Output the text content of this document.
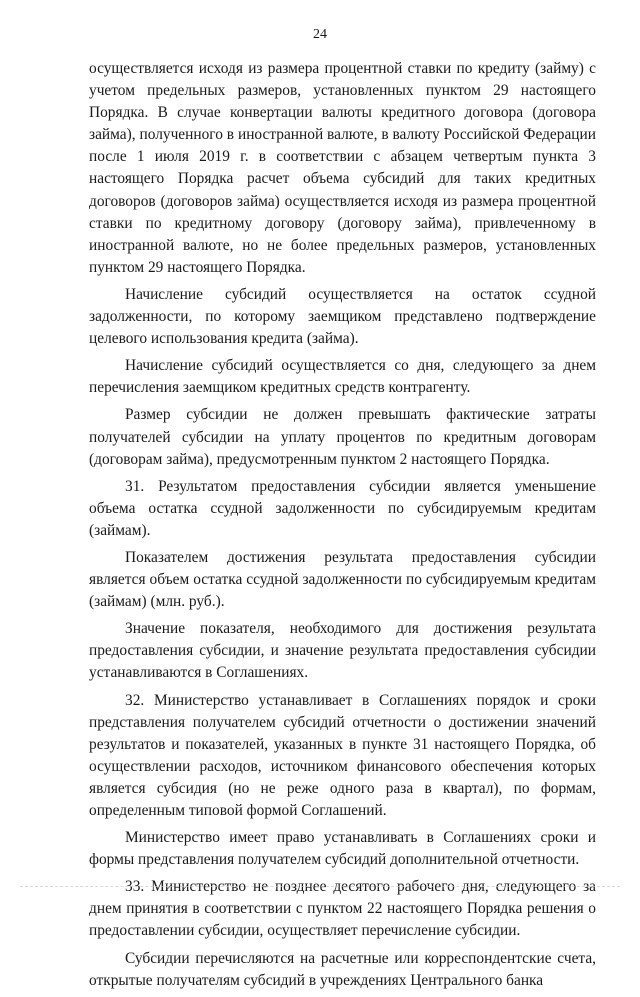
24

осуществляется исходя из размера процентной ставки по кредиту (займу) с учетом предельных размеров, установленных пунктом 29 настоящего Порядка. В случае конвертации валюты кредитного договора (договора займа), полученного в иностранной валюте, в валюту Российской Федерации после 1 июля 2019 г. в соответствии с абзацем четвертым пункта 3 настоящего Порядка расчет объема субсидий для таких кредитных договоров (договоров займа) осуществляется исходя из размера процентной ставки по кредитному договору (договору займа), привлеченному в иностранной валюте, но не более предельных размеров, установленных пунктом 29 настоящего Порядка.

Начисление субсидий осуществляется на остаток ссудной задолженности, по которому заемщиком представлено подтверждение целевого использования кредита (займа).

Начисление субсидий осуществляется со дня, следующего за днем перечисления заемщиком кредитных средств контрагенту.

Размер субсидии не должен превышать фактические затраты получателей субсидии на уплату процентов по кредитным договорам (договорам займа), предусмотренным пунктом 2 настоящего Порядка.

31. Результатом предоставления субсидии является уменьшение объема остатка ссудной задолженности по субсидируемым кредитам (займам).

Показателем достижения результата предоставления субсидии является объем остатка ссудной задолженности по субсидируемым кредитам (займам) (млн. руб.).

Значение показателя, необходимого для достижения результата предоставления субсидии, и значение результата предоставления субсидии устанавливаются в Соглашениях.

32. Министерство устанавливает в Соглашениях порядок и сроки представления получателем субсидий отчетности о достижении значений результатов и показателей, указанных в пункте 31 настоящего Порядка, об осуществлении расходов, источником финансового обеспечения которых является субсидия (но не реже одного раза в квартал), по формам, определенным типовой формой Соглашений.

Министерство имеет право устанавливать в Соглашениях сроки и формы представления получателем субсидий дополнительной отчетности.

33. Министерство не позднее десятого рабочего дня, следующего за днем принятия в соответствии с пунктом 22 настоящего Порядка решения о предоставлении субсидии, осуществляет перечисление субсидии.

Субсидии перечисляются на расчетные или корреспондентские счета, открытые получателям субсидий в учреждениях Центрального банка
